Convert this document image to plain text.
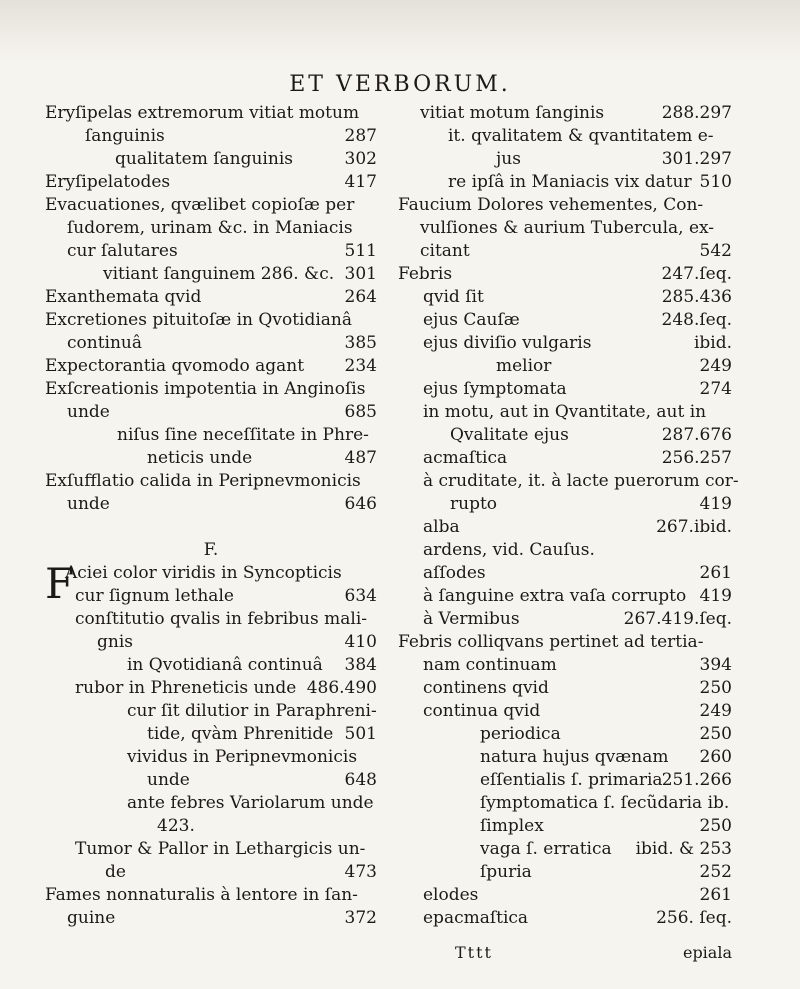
ET VERBORUM.
Eryſipelas extremorum vitiat motum
ſanguinis	287
qualitatem ſanguinis	302
Eryſipelatodes	417
Evacuationes, qvælibet copioſæ per
ſudorem, urinam &c. in Maniacis
cur ſalutares	511
vitiant ſanguinem 286. &c. 301
Exanthemata qvid	264
Excretiones pituitoſæ in Qvotidianâ
continuâ	385
Expectorantia qvomodo agant 234
Exſcreationis impotentia in Anginoſis
unde	685
niſus ſine neceſſitate in Phre-
neticis unde	487
Exſufflatio calida in Peripnevmonicis
unde	646
F.
F
Aciei color viridis in Syncopticis
cur ſignum lethale	634
conſtitutio qvalis in febribus mali-
gnis	410
in Qvotidianâ continuâ 384
rubor in Phreneticis unde 486.490
cur ſit dilutior in Paraphreni-
tide, qvàm Phrenitide 501
vividus in Peripnevmonicis
unde	648
ante febres Variolarum unde
423.
Tumor & Pallor in Lethargicis un-
de	473
Fames nonnaturalis à lentore in ſan-
guine	372
vitiat motum ſanginis	288.297
it. qvalitatem & qvantitatem e-
jus	301.297
re ipſâ in Maniacis vix datur 510
Faucium Dolores vehementes, Con-
vulſiones & aurium Tubercula, ex-
citant	542
Febris	247.ſeq.
qvid ſit	285.436
ejus Cauſæ	248.ſeq.
ejus diviſio vulgaris	ibid.
melior	249
ejus ſymptomata	274
in motu, aut in Qvantitate, aut in
Qvalitate ejus	287.676
acmaſtica	256.257
à cruditate, it. à lacte puerorum cor-
rupto	419
alba	267.ibid.
ardens, vid. Cauſus.
aſſodes	261
à ſanguine extra vaſa corrupto 419
à Vermibus	267.419.ſeq.
Febris colliqvans pertinet ad tertia-
nam continuam	394
continens qvid	250
continua qvid	249
periodica	250
natura hujus qvænam 260
eſſentialis ſ. primaria 251.266
ſymptomatica ſ. ſecũdaria ib.
ſimplex	250
vaga ſ. erratica ibid. & 253
ſpuria	252
elodes	261
epacmaſtica	256. ſeq.
Tttt	epiala
